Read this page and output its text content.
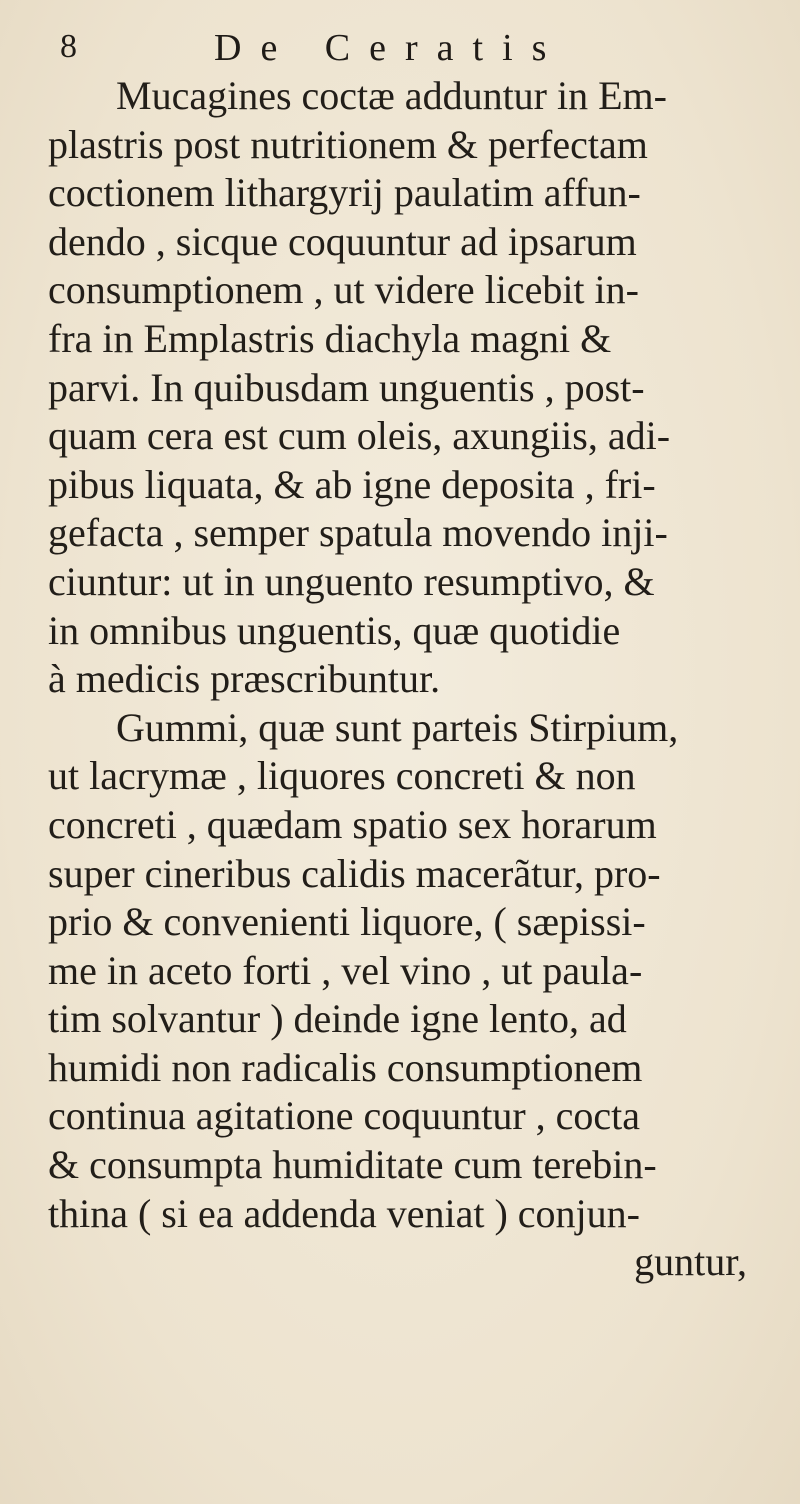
8	De Ceratis
Mucagines coctæ adduntur in Em-
plastris post nutritionem & perfectam
coctionem lithargyrij paulatim affun-
dendo , sicque coquuntur ad ipsarum
consumptionem , ut videre licebit in-
fra in Emplastris diachyla magni &
parvi. In quibusdam unguentis , post-
quam cera est cum oleis, axungiis, adi-
pibus liquata, & ab igne deposita , fri-
gefacta , semper spatula movendo inji-
ciuntur: ut in unguento resumptivo, &
in omnibus unguentis, quæ quotidie
à medicis præscribuntur.
Gummi, quæ sunt parteis Stirpium,
ut lacrymæ , liquores concreti & non
concreti , quædam spatio sex horarum
super cineribus calidis macerãtur, pro-
prio & convenienti liquore, ( sæpissi-
me in aceto forti , vel vino , ut paula-
tim solvantur ) deinde igne lento, ad
humidi non radicalis consumptionem
continua agitatione coquuntur , cocta
& consumpta humiditate cum terebin-
thina ( si ea addenda veniat ) conjun-
guntur,
